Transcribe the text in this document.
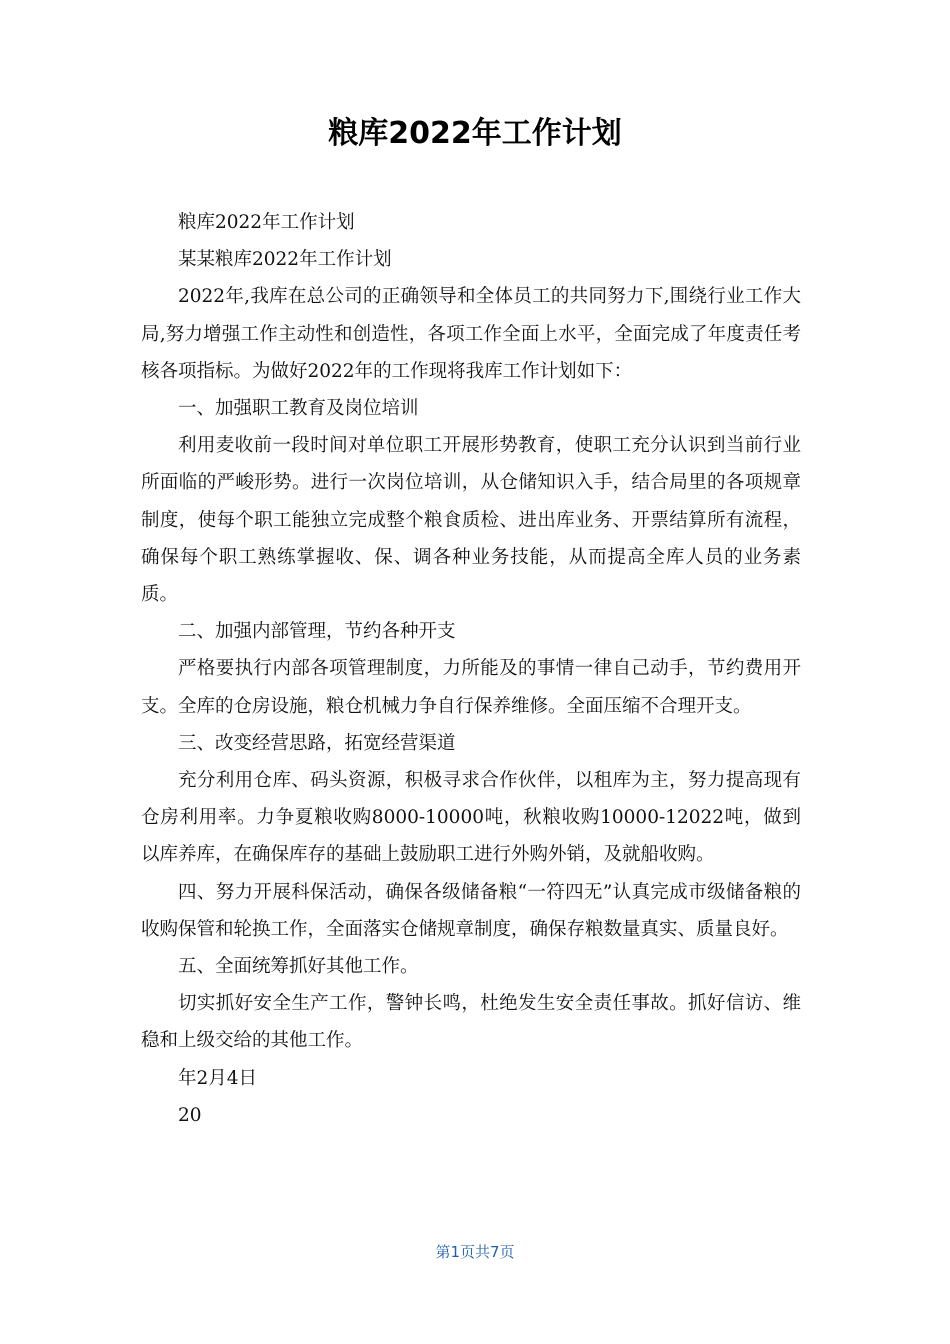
粮库2022年工作计划

粮库2022年工作计划

某某粮库2022年工作计划

2022年,我库在总公司的正确领导和全体员工的共同努力下,围绕行业工作大局,努力增强工作主动性和创造性，各项工作全面上水平，全面完成了年度责任考核各项指标。为做好2022年的工作现将我库工作计划如下：

一、加强职工教育及岗位培训

利用麦收前一段时间对单位职工开展形势教育，使职工充分认识到当前行业所面临的严峻形势。进行一次岗位培训，从仓储知识入手，结合局里的各项规章制度，使每个职工能独立完成整个粮食质检、进出库业务、开票结算所有流程，确保每个职工熟练掌握收、保、调各种业务技能，从而提高全库人员的业务素质。

二、加强内部管理，节约各种开支

严格要执行内部各项管理制度，力所能及的事情一律自己动手，节约费用开支。全库的仓房设施，粮仓机械力争自行保养维修。全面压缩不合理开支。

三、改变经营思路，拓宽经营渠道

充分利用仓库、码头资源，积极寻求合作伙伴，以租库为主，努力提高现有仓房利用率。力争夏粮收购8000-10000吨，秋粮收购10000-12022吨，做到以库养库，在确保库存的基础上鼓励职工进行外购外销，及就船收购。

四、努力开展科保活动，确保各级储备粮“一符四无”认真完成市级储备粮的收购保管和轮换工作，全面落实仓储规章制度，确保存粮数量真实、质量良好。

五、全面统筹抓好其他工作。

切实抓好安全生产工作，警钟长鸣，杜绝发生安全责任事故。抓好信访、维稳和上级交给的其他工作。

年2月4日

20

第1页共7页
